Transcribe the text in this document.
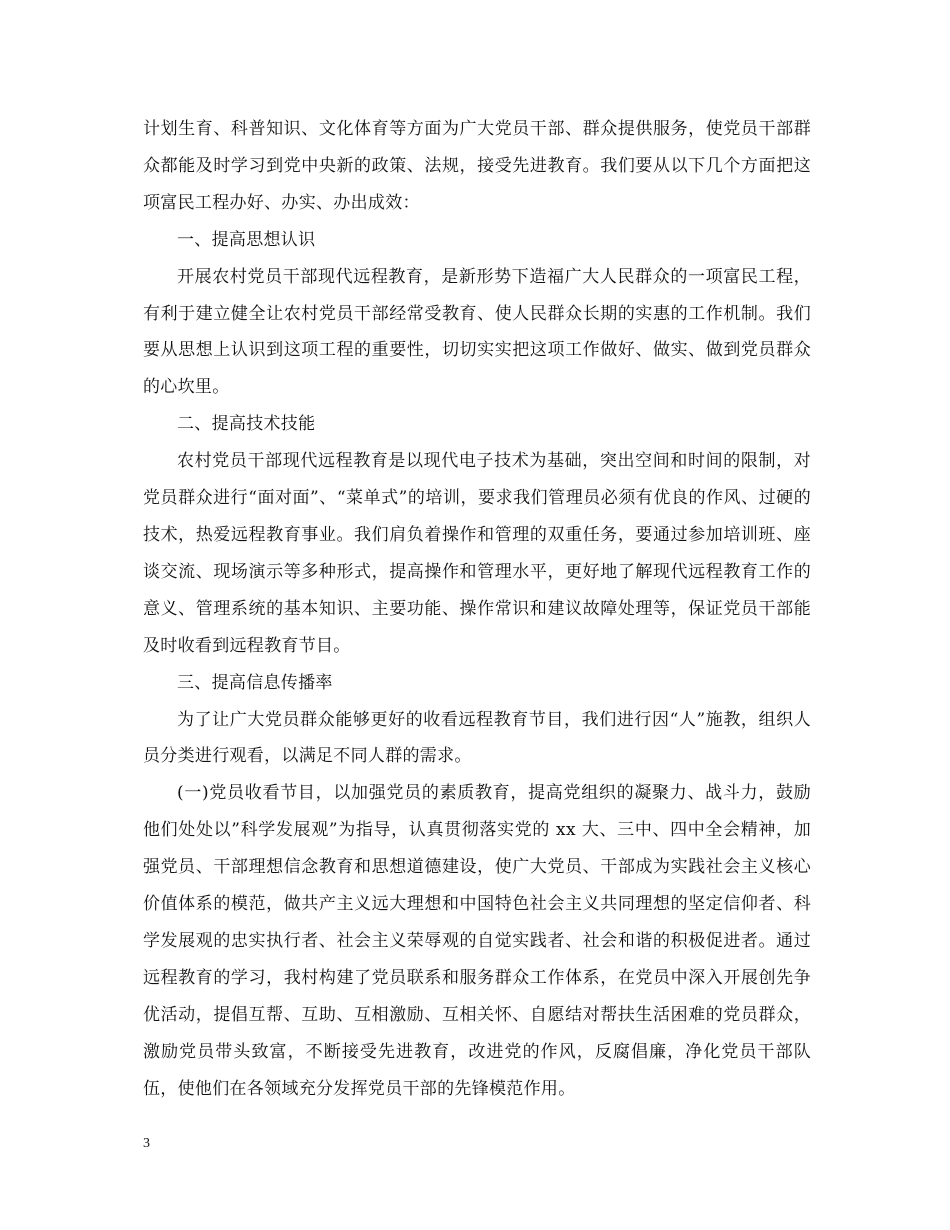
计划生育、科普知识、文化体育等方面为广大党员干部、群众提供服务，使党员干部群众都能及时学习到党中央新的政策、法规，接受先进教育。我们要从以下几个方面把这项富民工程办好、办实、办出成效：

一、提高思想认识

开展农村党员干部现代远程教育，是新形势下造福广大人民群众的一项富民工程，有利于建立健全让农村党员干部经常受教育、使人民群众长期的实惠的工作机制。我们要从思想上认识到这项工程的重要性，切切实实把这项工作做好、做实、做到党员群众的心坎里。

二、提高技术技能

农村党员干部现代远程教育是以现代电子技术为基础，突出空间和时间的限制，对党员群众进行“面对面”、“菜单式”的培训，要求我们管理员必须有优良的作风、过硬的技术，热爱远程教育事业。我们肩负着操作和管理的双重任务，要通过参加培训班、座谈交流、现场演示等多种形式，提高操作和管理水平，更好地了解现代远程教育工作的意义、管理系统的基本知识、主要功能、操作常识和建议故障处理等，保证党员干部能及时收看到远程教育节目。

三、提高信息传播率

为了让广大党员群众能够更好的收看远程教育节目，我们进行因“人”施教，组织人员分类进行观看，以满足不同人群的需求。

(一)党员收看节目，以加强党员的素质教育，提高党组织的凝聚力、战斗力，鼓励他们处处以”科学发展观”为指导，认真贯彻落实党的 xx 大、三中、四中全会精神，加强党员、干部理想信念教育和思想道德建设，使广大党员、干部成为实践社会主义核心价值体系的模范，做共产主义远大理想和中国特色社会主义共同理想的坚定信仰者、科学发展观的忠实执行者、社会主义荣辱观的自觉实践者、社会和谐的积极促进者。通过远程教育的学习，我村构建了党员联系和服务群众工作体系，在党员中深入开展创先争优活动，提倡互帮、互助、互相激励、互相关怀、自愿结对帮扶生活困难的党员群众，激励党员带头致富，不断接受先进教育，改进党的作风，反腐倡廉，净化党员干部队伍，使他们在各领域充分发挥党员干部的先锋模范作用。

3
